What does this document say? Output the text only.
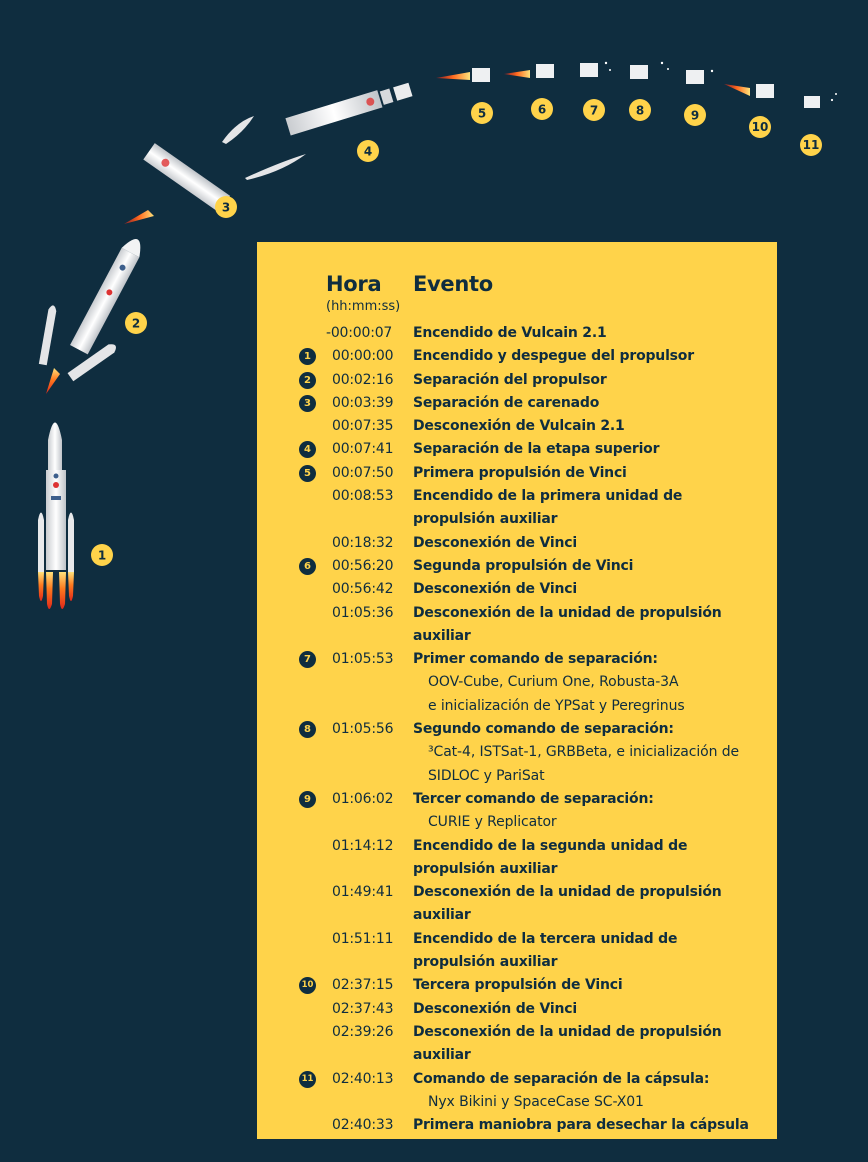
1
2
3
4
5	6	7	8	9
10
11
Hora
(hh:mm:ss)
Evento
-00:00:07	Encendido de Vulcain 2.1
1	00:00:00	Encendido y despegue del propulsor
2	00:02:16	Separación del propulsor
3	00:03:39	Separación de carenado
00:07:35	Desconexión de Vulcain 2.1
4	00:07:41	Separación de la etapa superior
5	00:07:50	Primera propulsión de Vinci
00:08:53	Encendido de la primera unidad de
propulsión auxiliar
00:18:32	Desconexión de Vinci
6	00:56:20	Segunda propulsión de Vinci
00:56:42	Desconexión de Vinci
01:05:36	Desconexión de la unidad de propulsión auxiliar
7	01:05:53	Primer comando de separación:
OOV-Cube, Curium One, Robusta-3A
e inicialización de YPSat y Peregrinus
8	01:05:56	Segundo comando de separación:
³Cat-4, ISTSat-1, GRBBeta, e inicialización de
SIDLOC y PariSat
9	01:06:02	Tercer comando de separación:
CURIE y Replicator
01:14:12	Encendido de la segunda unidad de
propulsión auxiliar
01:49:41	Desconexión de la unidad de propulsión auxiliar
01:51:11	Encendido de la tercera unidad de
propulsión auxiliar
10 02:37:15	Tercera propulsión de Vinci
02:37:43	Desconexión de Vinci
02:39:26	Desconexión de la unidad de propulsión auxiliar
11 02:40:13	Comando de separación de la cápsula:
Nyx Bikini y SpaceCase SC-X01
02:40:33	Primera maniobra para desechar la cápsula
